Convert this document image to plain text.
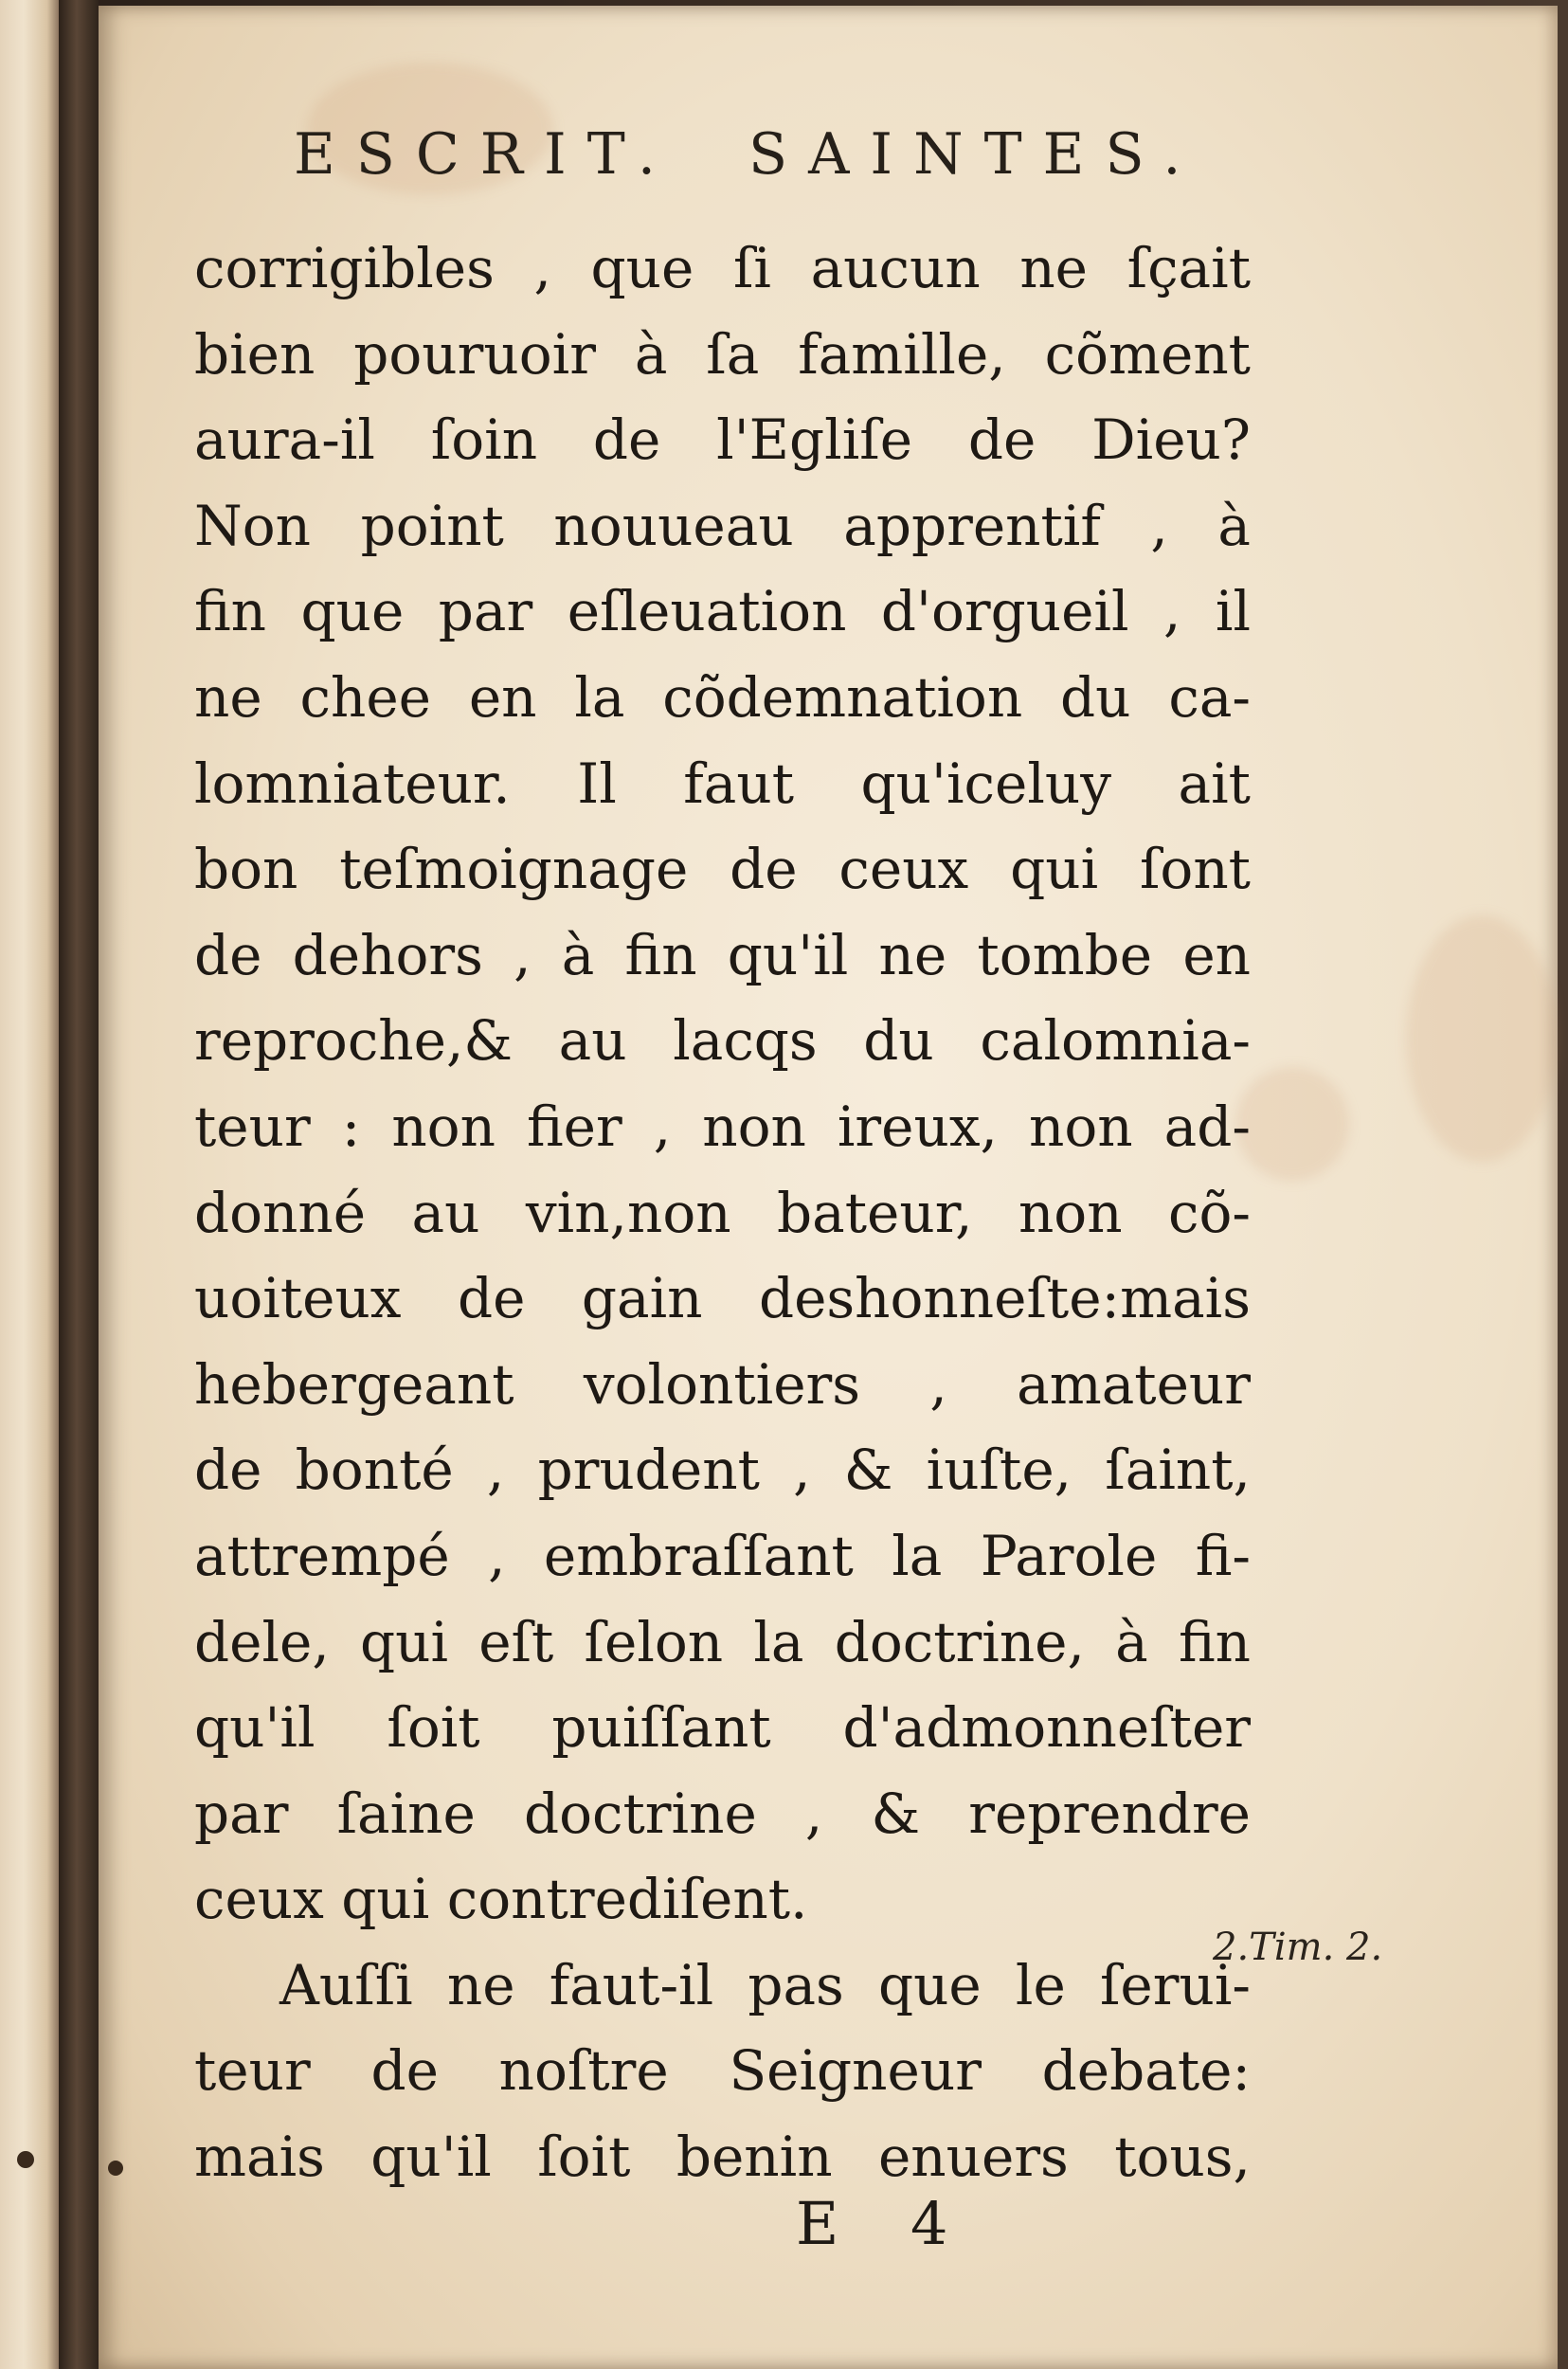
ESCRIT. SAINTES.
corrigibles , que ſi aucun ne ſçait
bien pouruoir à ſa famille, cõment
aura-il ſoin de l'Egliſe de Dieu?
Non point nouueau apprentif , à
fin que par eſleuation d'orgueil , il
ne chee en la cõdemnation du ca-
lomniateur. Il faut qu'iceluy ait
bon teſmoignage de ceux qui ſont
de dehors , à fin qu'il ne tombe en
reproche,& au lacqs du calomnia-
teur : non fier , non ireux, non ad-
donné au vin,non bateur, non cõ-
uoiteux de gain deshonneſte:mais
hebergeant volontiers , amateur
de bonté , prudent , & iuſte, ſaint,
attrempé , embraſſant la Parole fi-
dele, qui eſt ſelon la doctrine, à fin
qu'il ſoit puiſſant d'admonneſter
par ſaine doctrine , & reprendre
ceux qui contrediſent.
Auſſi ne faut-il pas que le ſerui-
teur de noſtre Seigneur debate:
mais qu'il ſoit benin enuers tous,
2.Tim. 2.
E 4
